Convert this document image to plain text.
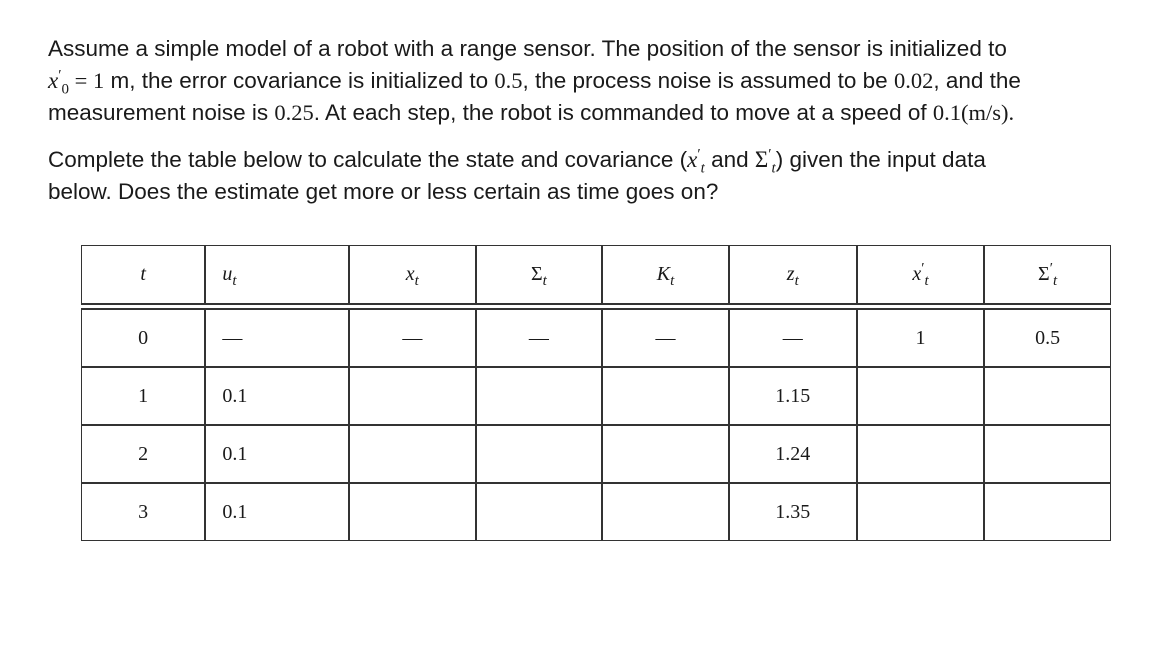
Assume a simple model of a robot with a range sensor. The position of the sensor is initialized to
$x'_0 = 1$ m, the error covariance is initialized to 0.5, the process noise is assumed to be 0.02, and the
measurement noise is 0.25. At each step, the robot is commanded to move at a speed of 0.1(m/s).

Complete the table below to calculate the state and covariance ($x'_t$ and $\Sigma'_t$) given the input data
below. Does the estimate get more or less certain as time goes on?

t	$u_t$	$x_t$	$\Sigma_t$	$K_t$	$z_t$	$x'_t$	$\Sigma'_t$

0	—	—	—	—	—	1	0.5
1	0.1				1.15		
2	0.1				1.24		
3	0.1				1.35		
